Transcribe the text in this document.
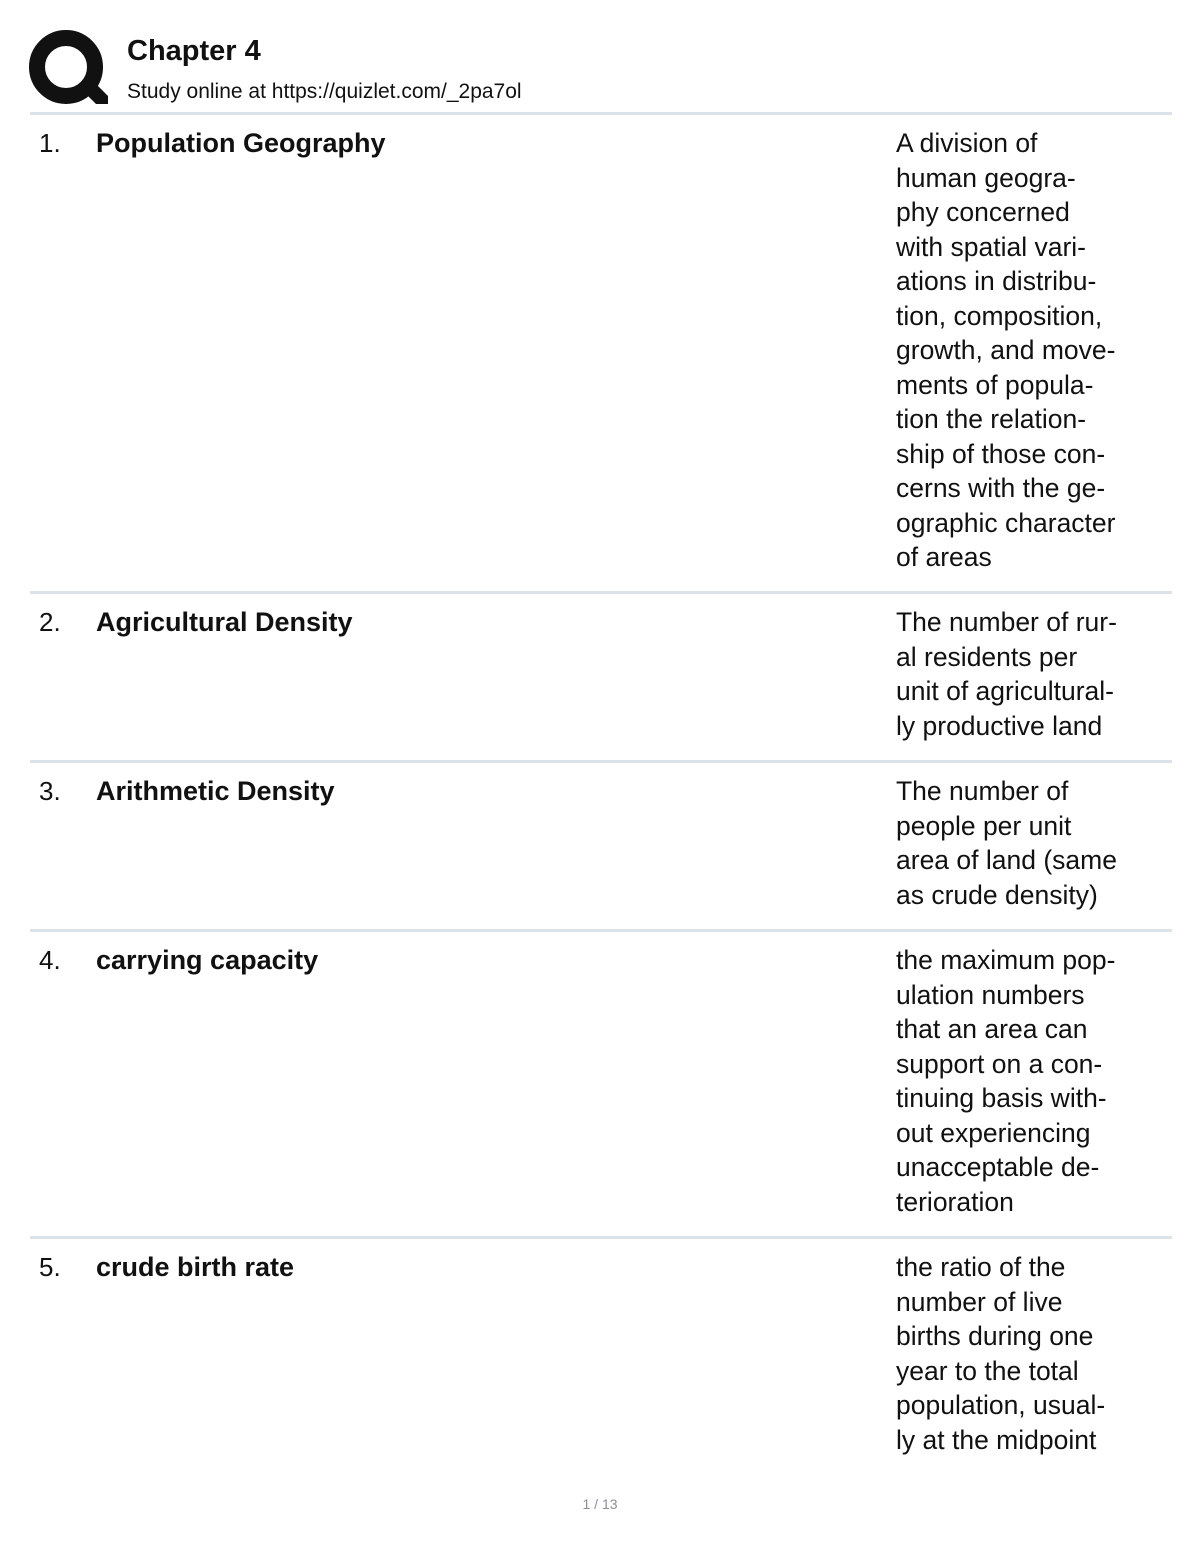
Chapter 4
Study online at https://quizlet.com/_2pa7ol
1. Population Geography	A division of
human geogra-
phy concerned
with spatial vari-
ations in distribu-
tion, composition,
growth, and move-
ments of popula-
tion the relation-
ship of those con-
cerns with the ge-
ographic character
of areas
2. Agricultural Density	The number of rur-
al residents per
unit of agricultural-
ly productive land
3. Arithmetic Density	The number of
people per unit
area of land (same
as crude density)
4. carrying capacity	the maximum pop-
ulation numbers
that an area can
support on a con-
tinuing basis with-
out experiencing
unacceptable de-
terioration
5. crude birth rate	the ratio of the
number of live
births during one
year to the total
population, usual-
ly at the midpoint
1 / 13
